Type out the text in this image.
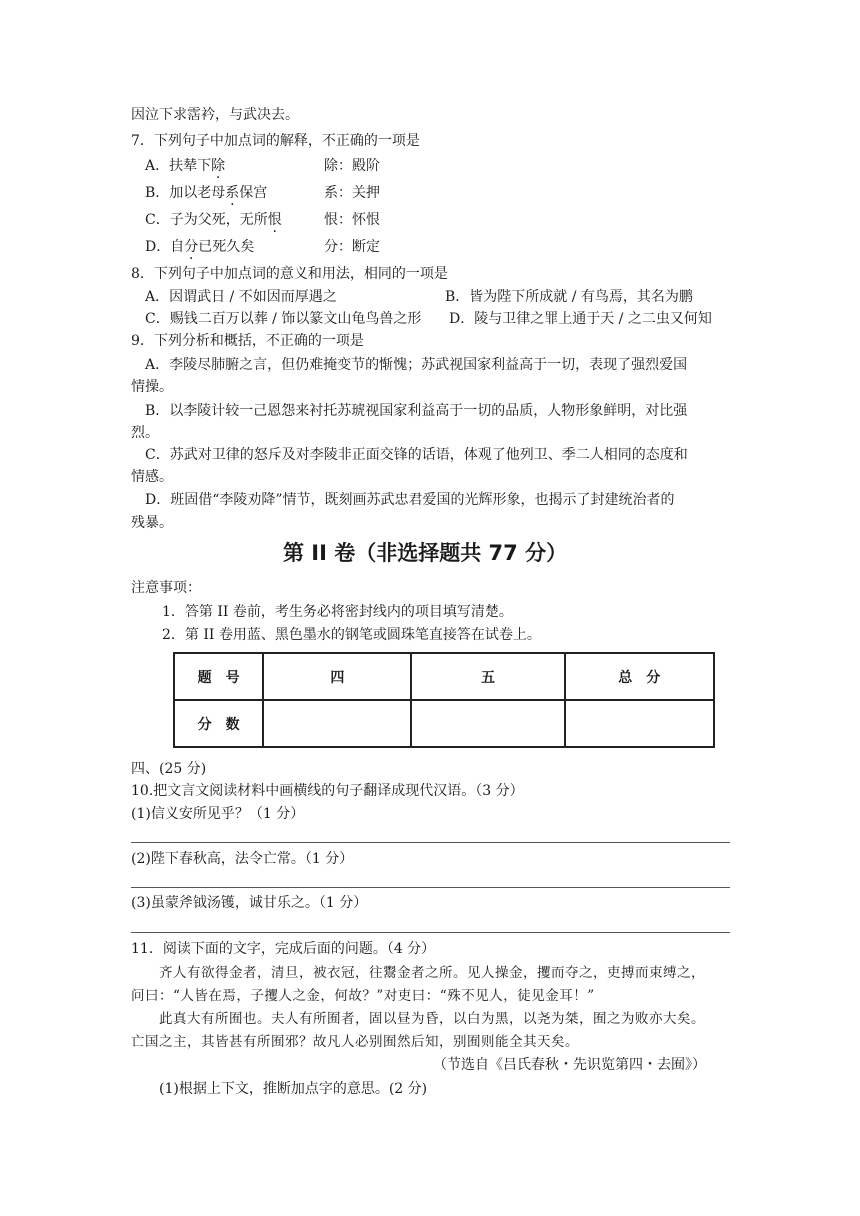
因泣下求霑衿，与武决去。
7．下列句子中加点词的解释，不正确的一项是
A．扶辇下除	除：殿阶
B．加以老母系保宫	系：关押
C．子为父死，无所恨	恨：怀恨
D．自分已死久矣	分：断定
8．下列句子中加点词的意义和用法，相同的一项是
A．因谓武日 / 不如因而厚遇之	B．皆为陛下所成就 / 有鸟焉，其名为鹏
C．赐钱二百万以葬 / 饰以篆文山龟鸟兽之形 D．陵与卫律之罪上通于天 / 之二虫又何知
9．下列分析和概括，不正确的一项是
A．李陵尽肺腑之言，但仍难掩变节的惭愧；苏武视国家利益高于一切，表现了强烈爱国
情操。
B．以李陵计较一己恩怨来衬托苏琥视国家利益高于一切的品质，人物形象鲜明，对比强
烈。
C．苏武对卫律的怒斥及对李陵非正面交锋的话语，体观了他列卫、季二人相同的态度和
情感。
D．班固借“李陵劝降”情节，既刻画苏武忠君爱国的光辉形象，也揭示了封建统治者的
残暴。
第 II 卷（非选择题共 77 分）
注意事项：
1．答第 II 卷前，考生务必将密封线内的项目填写清楚。
2．第 II 卷用蓝、黑色墨水的钢笔或圆珠笔直接答在试卷上。
题　号	四	五	总　分
分　数			
四、(25 分)
10.把文言文阅读材料中画横线的句子翻译成现代汉语。（3 分）
(1)信义安所见乎？（1 分）
(2)陛下春秋高，法令亡常。（1 分）
(3)虽蒙斧钺汤镬，诚甘乐之。（1 分）
11．阅读下面的文字，完成后面的问题。（4 分）
齐人有欲得金者，清旦，被衣冠，往鬻金者之所。见人操金，攫而夺之，吏搏而束缚之，
问曰：“人皆在焉，子攫人之金，何故？”对吏曰：“殊不见人，徒见金耳！”
此真大有所囿也。夫人有所囿者，固以昼为昏，以白为黑，以尧为桀，囿之为败亦大矣。
亡国之主，其皆甚有所囿邪？故凡人必别囿然后知，别囿则能全其天矣。
（节选自《吕氏春秋・先识览第四・去囿》）
(1)根据上下文，推断加点字的意思。(2 分)
